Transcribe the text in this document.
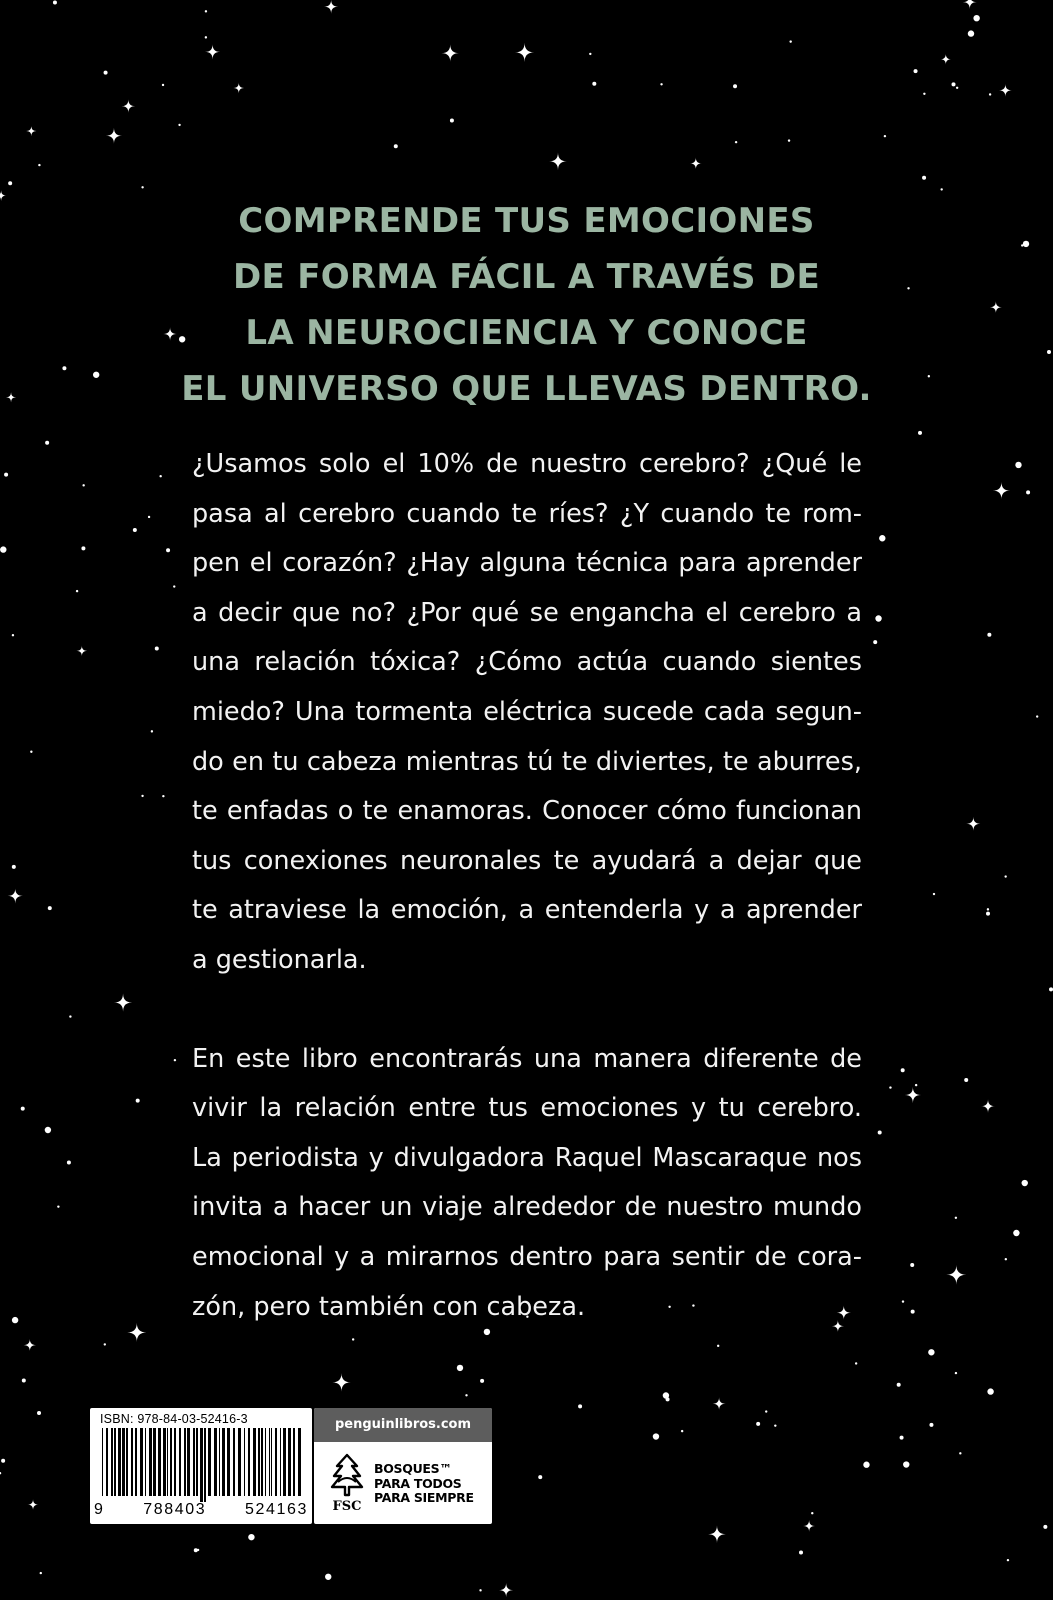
COMPRENDE TUS EMOCIONES
DE FORMA FÁCIL A TRAVÉS DE
LA NEUROCIENCIA Y CONOCE
EL UNIVERSO QUE LLEVAS DENTRO.

¿Usamos solo el 10% de nuestro cerebro? ¿Qué le pasa al cerebro cuando te ríes? ¿Y cuando te rompen el corazón? ¿Hay alguna técnica para aprender a decir que no? ¿Por qué se engancha el cerebro a una relación tóxica? ¿Cómo actúa cuando sientes miedo? Una tormenta eléctrica sucede cada segundo en tu cabeza mientras tú te diviertes, te aburres, te enfadas o te enamoras. Conocer cómo funcionan tus conexiones neuronales te ayudará a dejar que te atraviese la emoción, a entenderla y a aprender a gestionarla.

En este libro encontrarás una manera diferente de vivir la relación entre tus emociones y tu cerebro. La periodista y divulgadora Raquel Mascaraque nos invita a hacer un viaje alrededor de nuestro mundo emocional y a mirarnos dentro para sentir de corazón, pero también con cabeza.

ISBN: 978-84-03-52416-3
9 788403 524163
penguinlibros.com
FSC
BOSQUES™
PARA TODOS
PARA SIEMPRE
